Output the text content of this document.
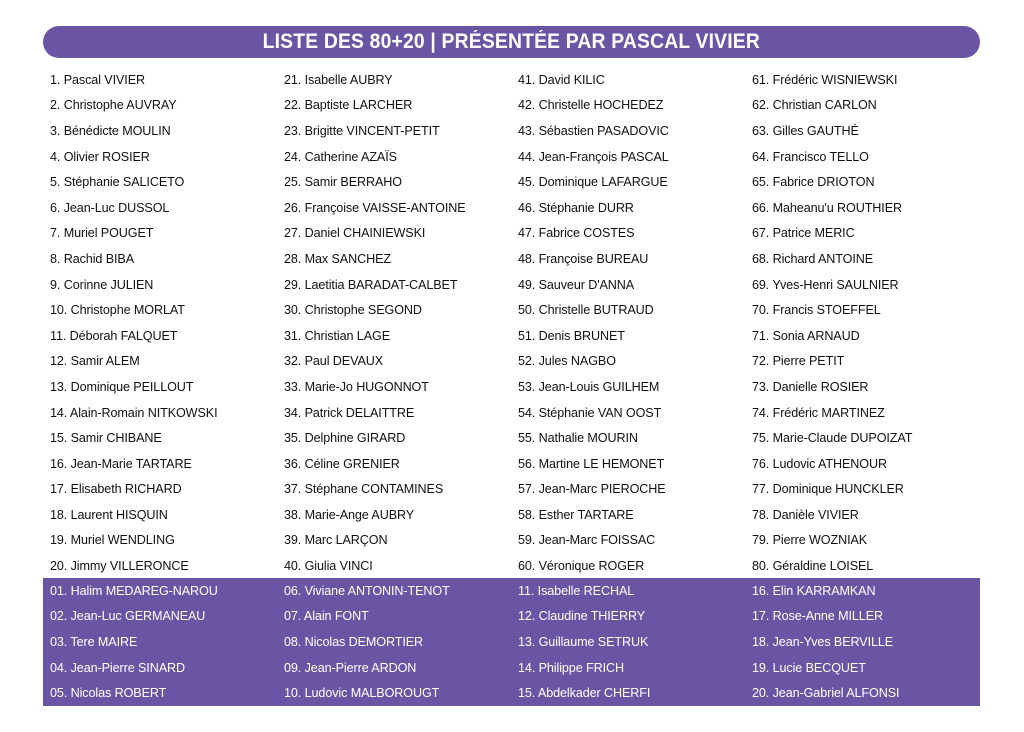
LISTE DES 80+20 | PRÉSENTÉE PAR PASCAL VIVIER
1. Pascal VIVIER	21. Isabelle AUBRY	41. David KILIC	61. Frédéric WISNIEWSKI
2. Christophe AUVRAY	22. Baptiste LARCHER	42. Christelle HOCHEDEZ	62. Christian CARLON
3. Bénédicte MOULIN	23. Brigitte VINCENT-PETIT	43. Sébastien PASADOVIC	63. Gilles GAUTHÉ
4. Olivier ROSIER	24. Catherine AZAÏS	44. Jean-François PASCAL	64. Francisco TELLO
5. Stéphanie SALICETO	25. Samir BERRAHO	45. Dominique LAFARGUE	65. Fabrice DRIOTON
6. Jean-Luc DUSSOL	26. Françoise VAISSE-ANTOINE	46. Stéphanie DURR	66. Maheanu'u ROUTHIER
7. Muriel POUGET	27. Daniel CHAINIEWSKI	47. Fabrice COSTES	67. Patrice MERIC
8. Rachid BIBA	28. Max SANCHEZ	48. Françoise BUREAU	68. Richard ANTOINE
9. Corinne JULIEN	29. Laetitia BARADAT-CALBET	49. Sauveur D'ANNA	69. Yves-Henri SAULNIER
10. Christophe MORLAT	30. Christophe SEGOND	50. Christelle BUTRAUD	70. Francis STOEFFEL
11. Déborah FALQUET	31. Christian LAGE	51. Denis BRUNET	71. Sonia ARNAUD
12. Samir ALEM	32. Paul DEVAUX	52. Jules NAGBO	72. Pierre PETIT
13. Dominique PEILLOUT	33. Marie-Jo HUGONNOT	53. Jean-Louis GUILHEM	73. Danielle ROSIER
14. Alain-Romain NITKOWSKI	34. Patrick DELAITTRE	54. Stéphanie VAN OOST	74. Frédéric MARTINEZ
15. Samir CHIBANE	35. Delphine GIRARD	55. Nathalie MOURIN	75. Marie-Claude DUPOIZAT
16. Jean-Marie TARTARE	36. Céline GRENIER	56. Martine LE HEMONET	76. Ludovic ATHENOUR
17. Elisabeth RICHARD	37. Stéphane CONTAMINES	57. Jean-Marc PIEROCHE	77. Dominique HUNCKLER
18. Laurent HISQUIN	38. Marie-Ange AUBRY	58. Esther TARTARE	78. Danièle VIVIER
19. Muriel WENDLING	39. Marc LARÇON	59. Jean-Marc FOISSAC	79. Pierre WOZNIAK
20. Jimmy VILLERONCE	40. Giulia VINCI	60. Véronique ROGER	80. Géraldine LOISEL
01. Halim MEDAREG-NAROU	06. Viviane ANTONIN-TENOT	11. Isabelle RECHAL	16. Elin KARRAMKAN
02. Jean-Luc GERMANEAU	07. Alain FONT	12. Claudine THIERRY	17. Rose-Anne MILLER
03. Tere MAIRE	08. Nicolas DEMORTIER	13. Guillaume SETRUK	18. Jean-Yves BERVILLE
04. Jean-Pierre SINARD	09. Jean-Pierre ARDON	14. Philippe FRICH	19. Lucie BECQUET
05. Nicolas ROBERT	10. Ludovic MALBOROUGT	15. Abdelkader CHERFI	20. Jean-Gabriel ALFONSI
